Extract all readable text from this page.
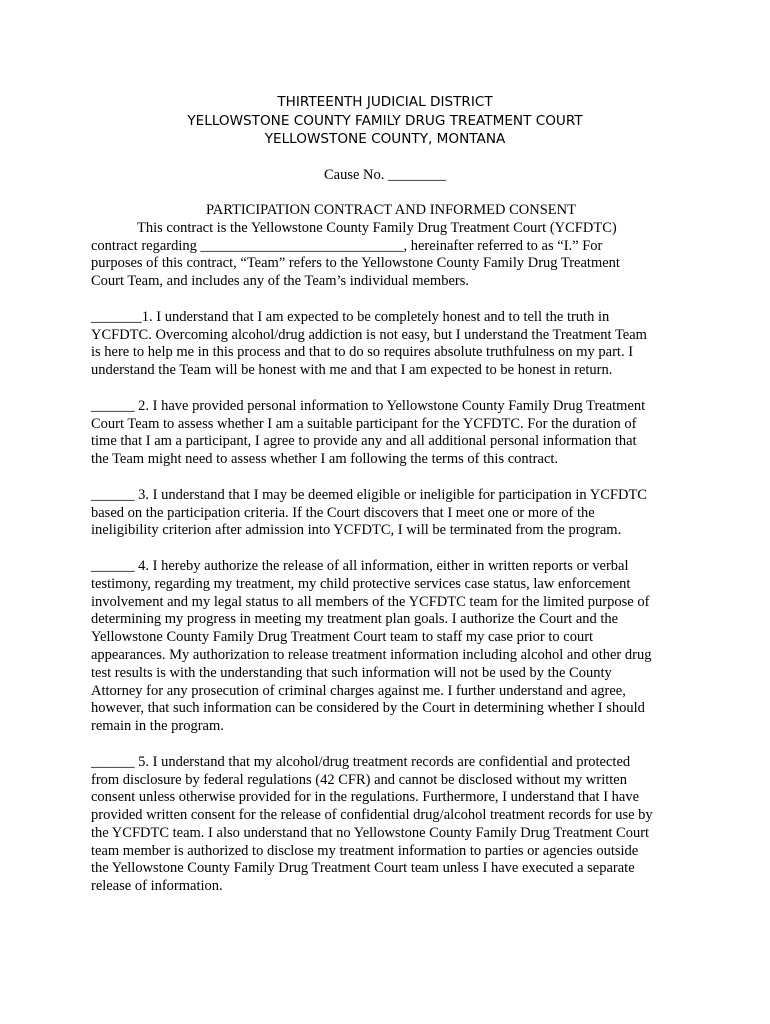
THIRTEENTH JUDICIAL DISTRICT
YELLOWSTONE COUNTY FAMILY DRUG TREATMENT COURT
YELLOWSTONE COUNTY, MONTANA
Cause No. ________

PARTICIPATION CONTRACT AND INFORMED CONSENT

This contract is the Yellowstone County Family Drug Treatment Court (YCFDTC)

contract regarding ____________________________, hereinafter referred to as “I.” For

purposes of this contract, “Team” refers to the Yellowstone County Family Drug Treatment

Court Team, and includes any of the Team’s individual members.

_______1. I understand that I am expected to be completely honest and to tell the truth in

YCFDTC. Overcoming alcohol/drug addiction is not easy, but I understand the Treatment Team

is here to help me in this process and that to do so requires absolute truthfulness on my part. I

understand the Team will be honest with me and that I am expected to be honest in return.

______ 2. I have provided personal information to Yellowstone County Family Drug Treatment

Court Team to assess whether I am a suitable participant for the YCFDTC. For the duration of

time that I am a participant, I agree to provide any and all additional personal information that

the Team might need to assess whether I am following the terms of this contract.

______ 3. I understand that I may be deemed eligible or ineligible for participation in YCFDTC

based on the participation criteria. If the Court discovers that I meet one or more of the

ineligibility criterion after admission into YCFDTC, I will be terminated from the program.

______ 4. I hereby authorize the release of all information, either in written reports or verbal

testimony, regarding my treatment, my child protective services case status, law enforcement

involvement and my legal status to all members of the YCFDTC team for the limited purpose of

determining my progress in meeting my treatment plan goals. I authorize the Court and the

Yellowstone County Family Drug Treatment Court team to staff my case prior to court

appearances. My authorization to release treatment information including alcohol and other drug

test results is with the understanding that such information will not be used by the County

Attorney for any prosecution of criminal charges against me. I further understand and agree,

however, that such information can be considered by the Court in determining whether I should

remain in the program.

______ 5. I understand that my alcohol/drug treatment records are confidential and protected

from disclosure by federal regulations (42 CFR) and cannot be disclosed without my written

consent unless otherwise provided for in the regulations. Furthermore, I understand that I have

provided written consent for the release of confidential drug/alcohol treatment records for use by

the YCFDTC team. I also understand that no Yellowstone County Family Drug Treatment Court

team member is authorized to disclose my treatment information to parties or agencies outside

the Yellowstone County Family Drug Treatment Court team unless I have executed a separate

release of information.
